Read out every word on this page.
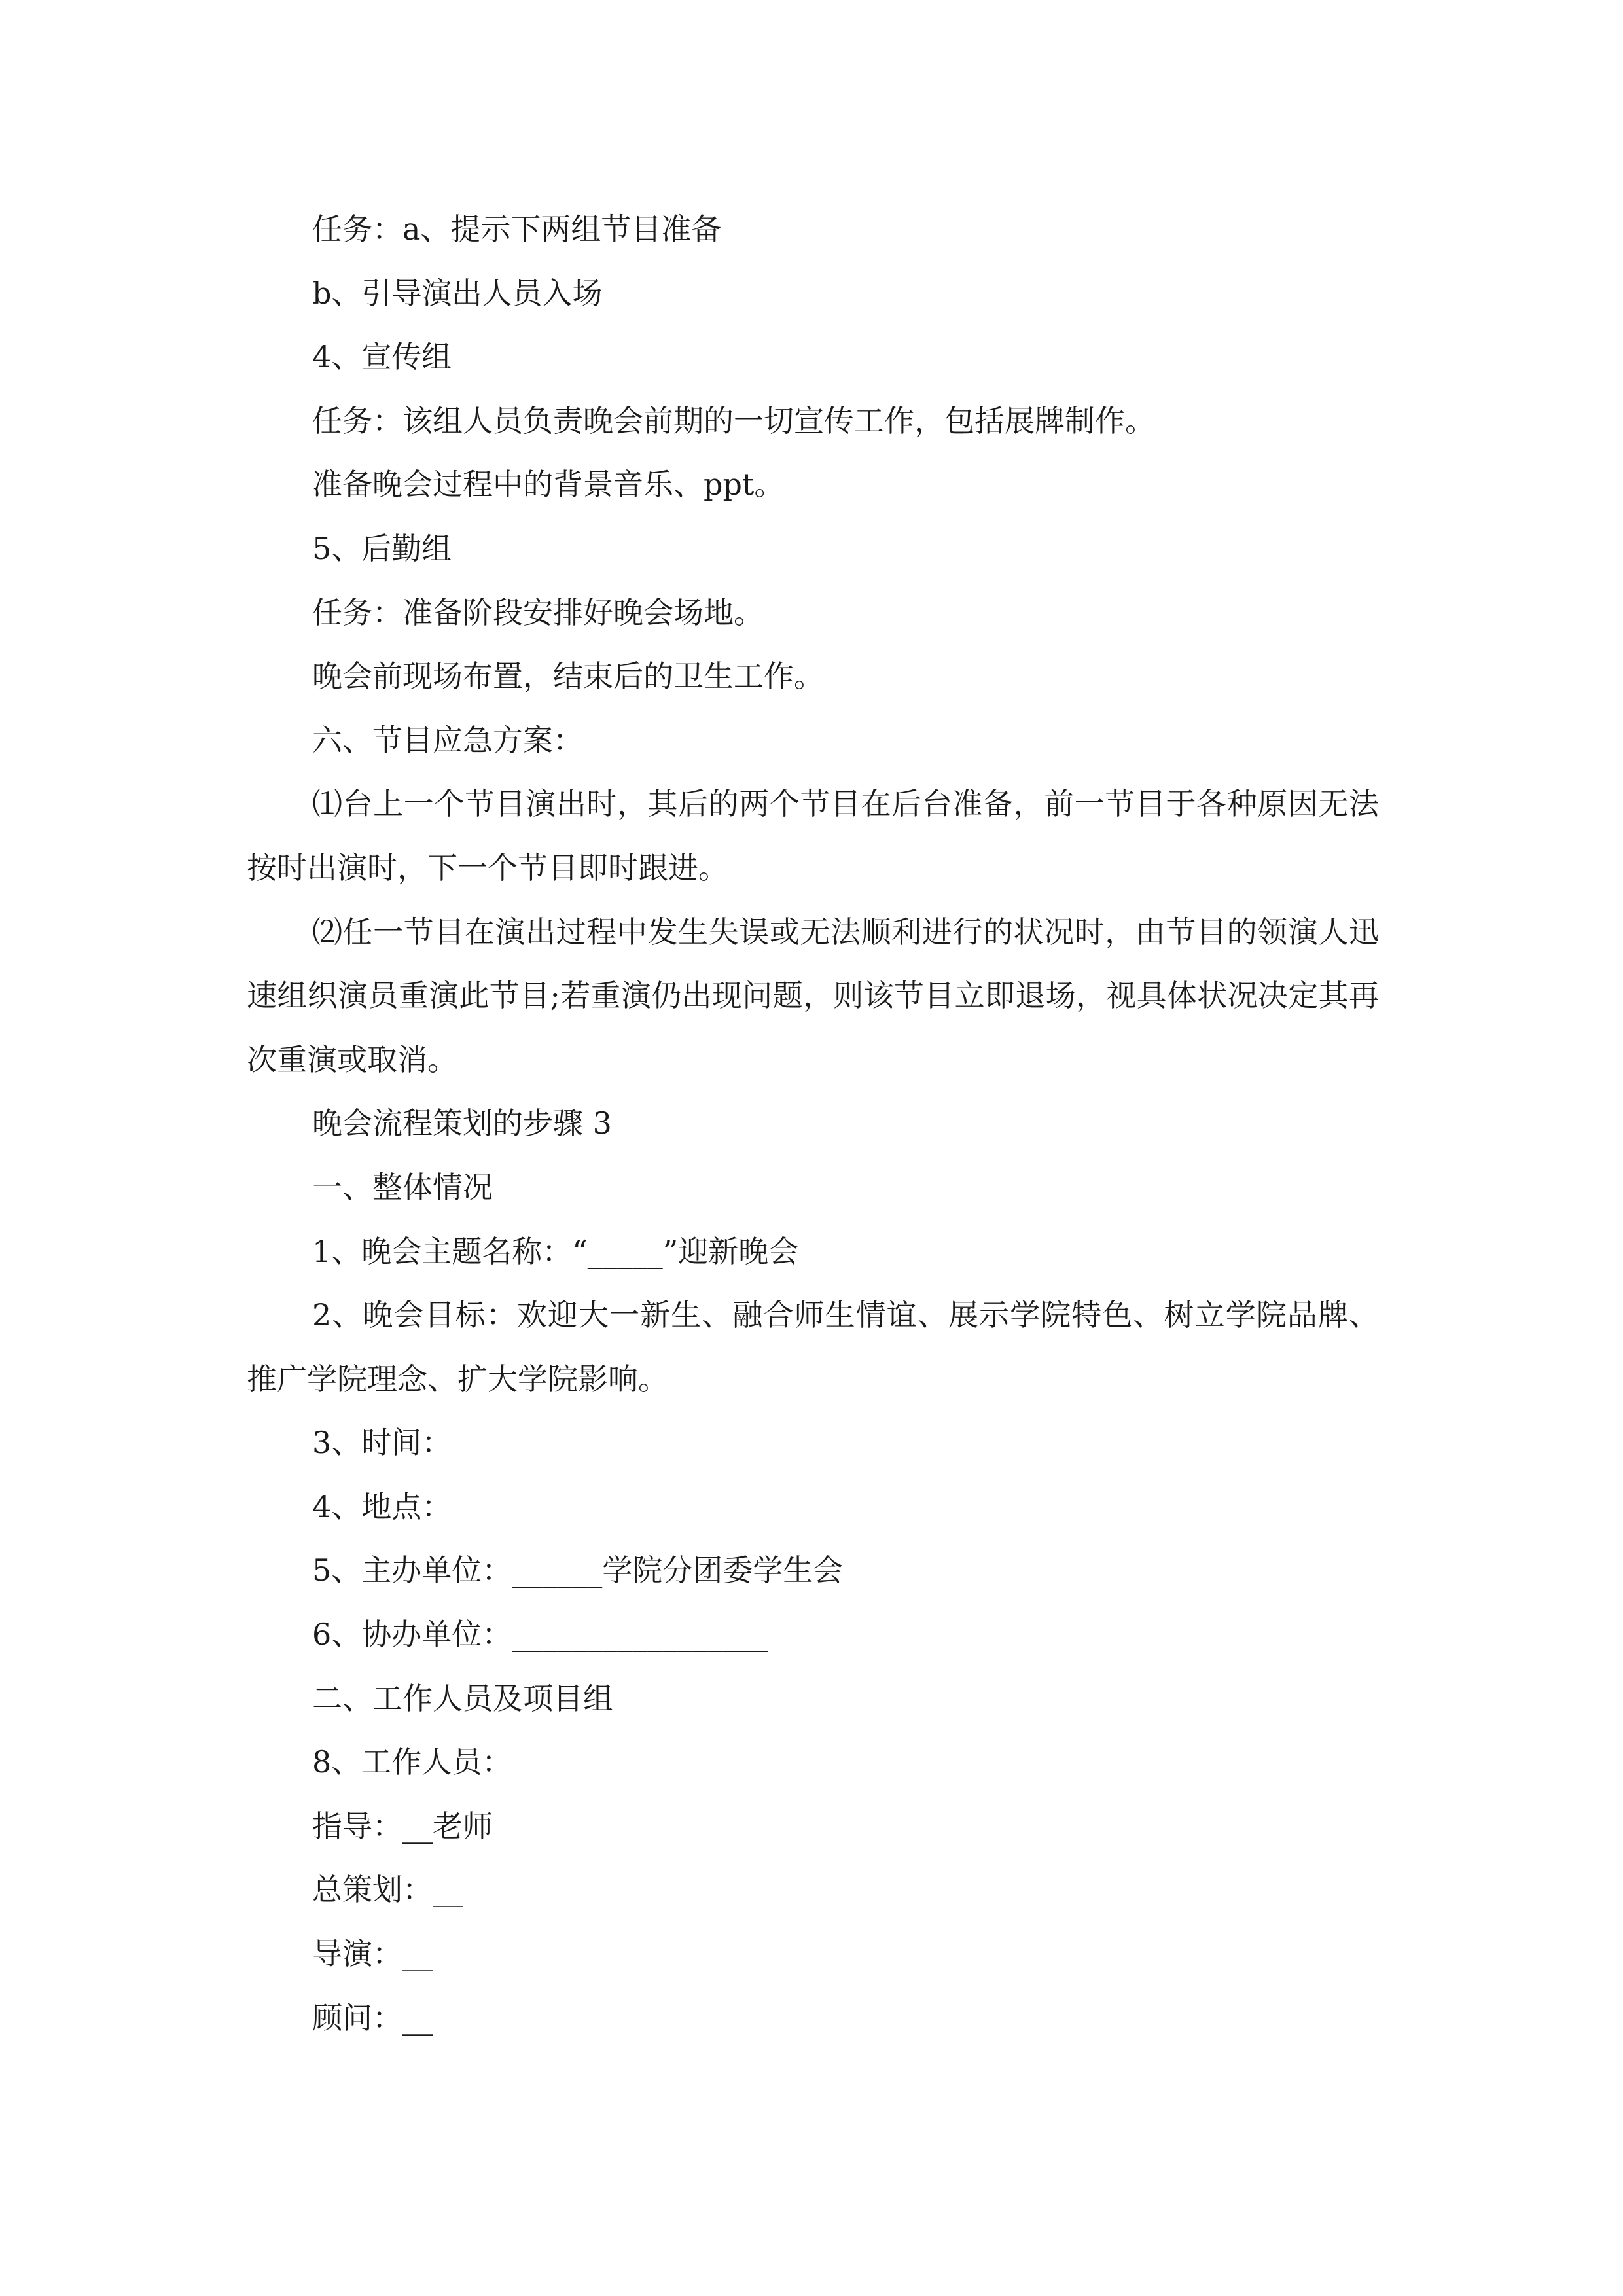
任务：a、提示下两组节目准备

b、引导演出人员入场

4、宣传组

任务：该组人员负责晚会前期的一切宣传工作，包括展牌制作。

准备晚会过程中的背景音乐、ppt。

5、后勤组

任务：准备阶段安排好晚会场地。

晚会前现场布置，结束后的卫生工作。

六、节目应急方案：

⑴台上一个节目演出时，其后的两个节目在后台准备，前一节目于各种原因无法按时出演时，下一个节目即时跟进。

⑵任一节目在演出过程中发生失误或无法顺利进行的状况时，由节目的领演人迅速组织演员重演此节目;若重演仍出现问题，则该节目立即退场，视具体状况决定其再次重演或取消。

晚会流程策划的步骤 3

一、整体情况

1、晚会主题名称：“_____”迎新晚会

2、晚会目标：欢迎大一新生、融合师生情谊、展示学院特色、树立学院品牌、推广学院理念、扩大学院影响。

3、时间：

4、地点：

5、主办单位：______学院分团委学生会

6、协办单位：_________________

二、工作人员及项目组

8、工作人员：

指导：__老师

总策划：__

导演：__

顾问：__
